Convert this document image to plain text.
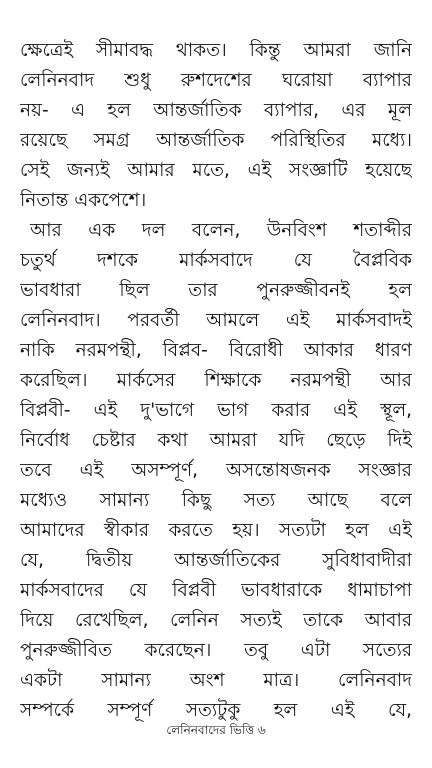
ক্ষেত্রেই সীমাবদ্ধ থাকত। কিন্তু আমরা জানি
লেনিনবাদ শুধু রুশদেশের ঘরোয়া ব্যাপার
নয়- এ হল আন্তর্জাতিক ব্যাপার, এর মূল
রয়েছে সমগ্র আন্তর্জাতিক পরিস্থিতির মধ্যে।
সেই জন্যই আমার মতে, এই সংজ্ঞাটি হয়েছে
নিতান্ত একপেশে।
আর এক দল বলেন, উনবিংশ শতাব্দীর
চতুর্থ দশকে মার্কসবাদে যে বৈপ্লবিক
ভাবধারা ছিল তার পুনরুজ্জীবনই হল
লেনিনবাদ। পরবর্তী আমলে এই মার্কসবাদই
নাকি নরমপন্থী, বিপ্লব- বিরোধী আকার ধারণ
করেছিল। মার্কসের শিক্ষাকে নরমপন্থী আর
বিপ্লবী- এই দু'ভাগে ভাগ করার এই স্থূল,
নির্বোধ চেষ্টার কথা আমরা যদি ছেড়ে দিই
তবে এই অসম্পূর্ণ, অসন্তোষজনক সংজ্ঞার
মধ্যেও সামান্য কিছু সত্য আছে বলে
আমাদের স্বীকার করতে হয়। সত্যটা হল এই
যে, দ্বিতীয় আন্তর্জাতিকের সুবিধাবাদীরা
মার্কসবাদের যে বিপ্লবী ভাবধারাকে ধামাচাপা
দিয়ে রেখেছিল, লেনিন সত্যই তাকে আবার
পুনরুজ্জীবিত করেছেন। তবু এটা সত্যের
একটা সামান্য অংশ মাত্র। লেনিনবাদ
সম্পর্কে সম্পূর্ণ সত্যটুকু হল এই যে,
লেনিনবাদের ভিত্তি ৬
